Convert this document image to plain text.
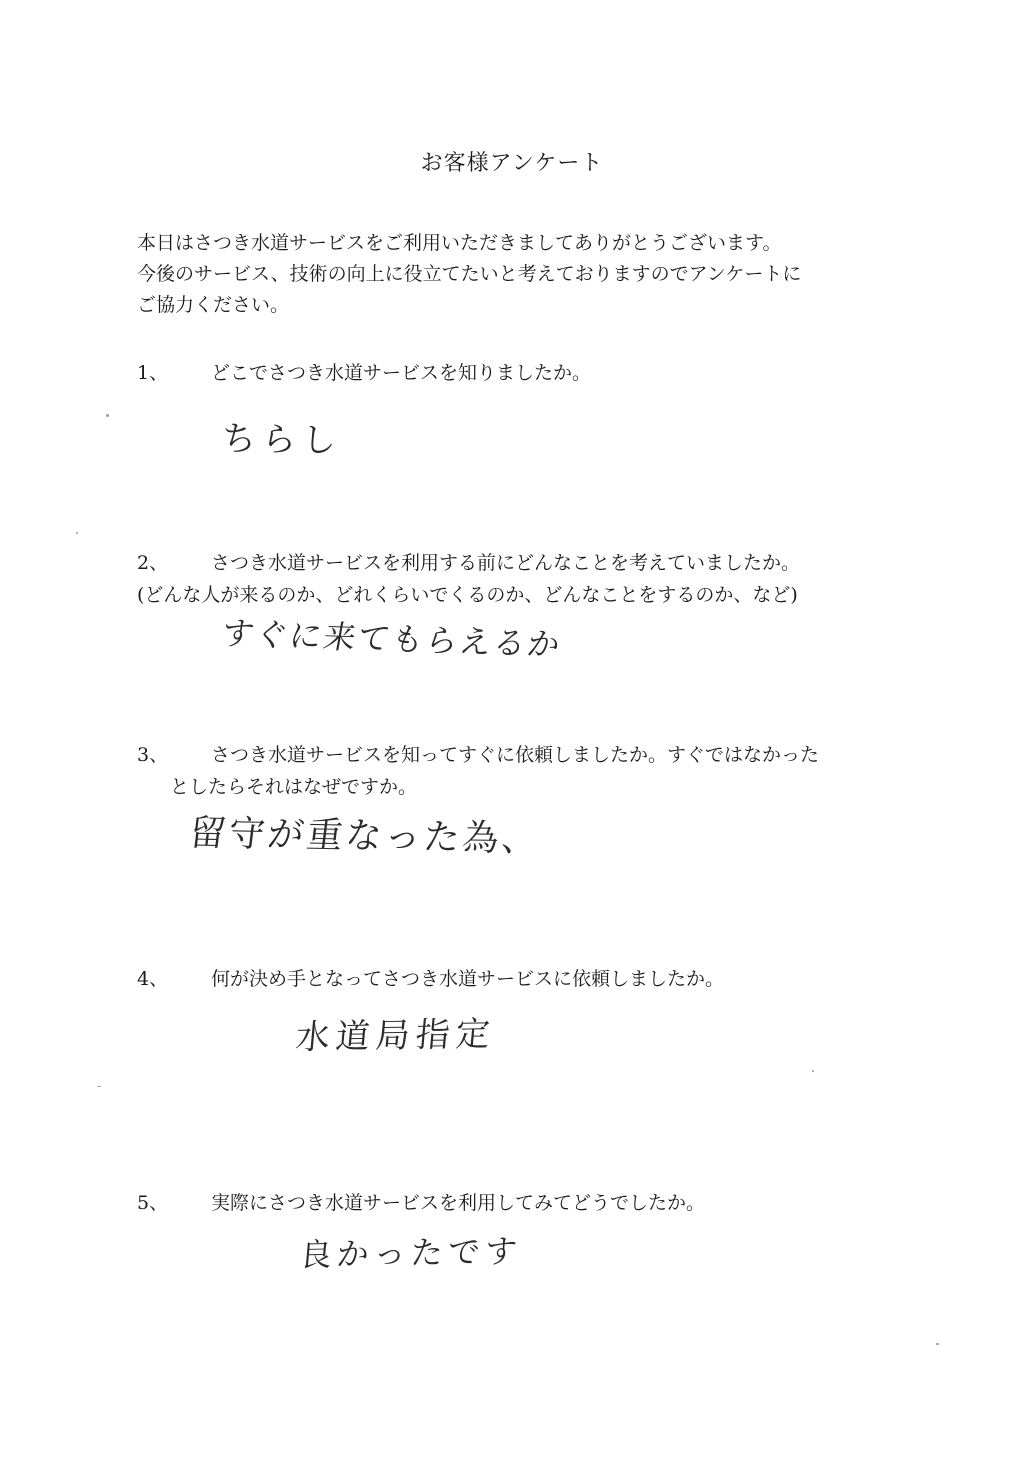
お客様アンケート
本日はさつき水道サービスをご利用いただきましてありがとうございます。
今後のサービス、技術の向上に役立てたいと考えておりますのでアンケートに
ご協力ください。
1、 どこでさつき水道サービスを知りましたか。
ちらし
2、 さつき水道サービスを利用する前にどんなことを考えていましたか。
(どんな人が来るのか、どれくらいでくるのか、どんなことをするのか、など)
すぐに来てもらえるか
3、 さつき水道サービスを知ってすぐに依頼しましたか。すぐではなかった
としたらそれはなぜですか。
留守が重なった為、
4、 何が決め手となってさつき水道サービスに依頼しましたか。
水道局指定
5、 実際にさつき水道サービスを利用してみてどうでしたか。
良かったです
